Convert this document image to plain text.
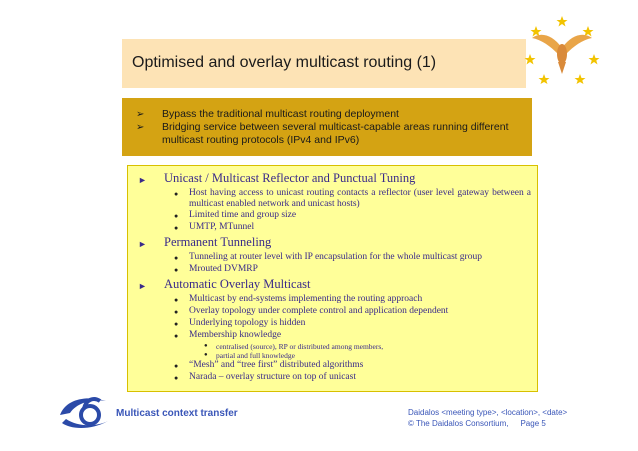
Optimised and overlay multicast routing (1)
➢	Bypass the traditional multicast routing deployment
➢	Bridging service between several multicast-capable areas running different multicast routing protocols (IPv4 and IPv6)
►	Unicast / Multicast Reflector and Punctual Tuning
●	Host having access to unicast routing contacts a reflector (user level gateway between a multicast enabled network and unicast hosts)
●	Limited time and group size
●	UMTP, MTunnel
►	Permanent Tunneling
●	Tunneling at router level with IP encapsulation for the whole multicast group
●	Mrouted DVMRP
►	Automatic Overlay Multicast
●	Multicast by end-systems implementing the routing approach
●	Overlay topology under complete control and application dependent
●	Underlying topology is hidden
●	Membership knowledge
●	centralised (source), RP or distributed among members,
●	partial and full knowledge
●	“Mesh” and “tree first” distributed algorithms
●	Narada – overlay structure on top of unicast
Multicast context transfer	Daidalos <meeting type>, <location>, <date>
© The Daidalos Consortium, Page 5
